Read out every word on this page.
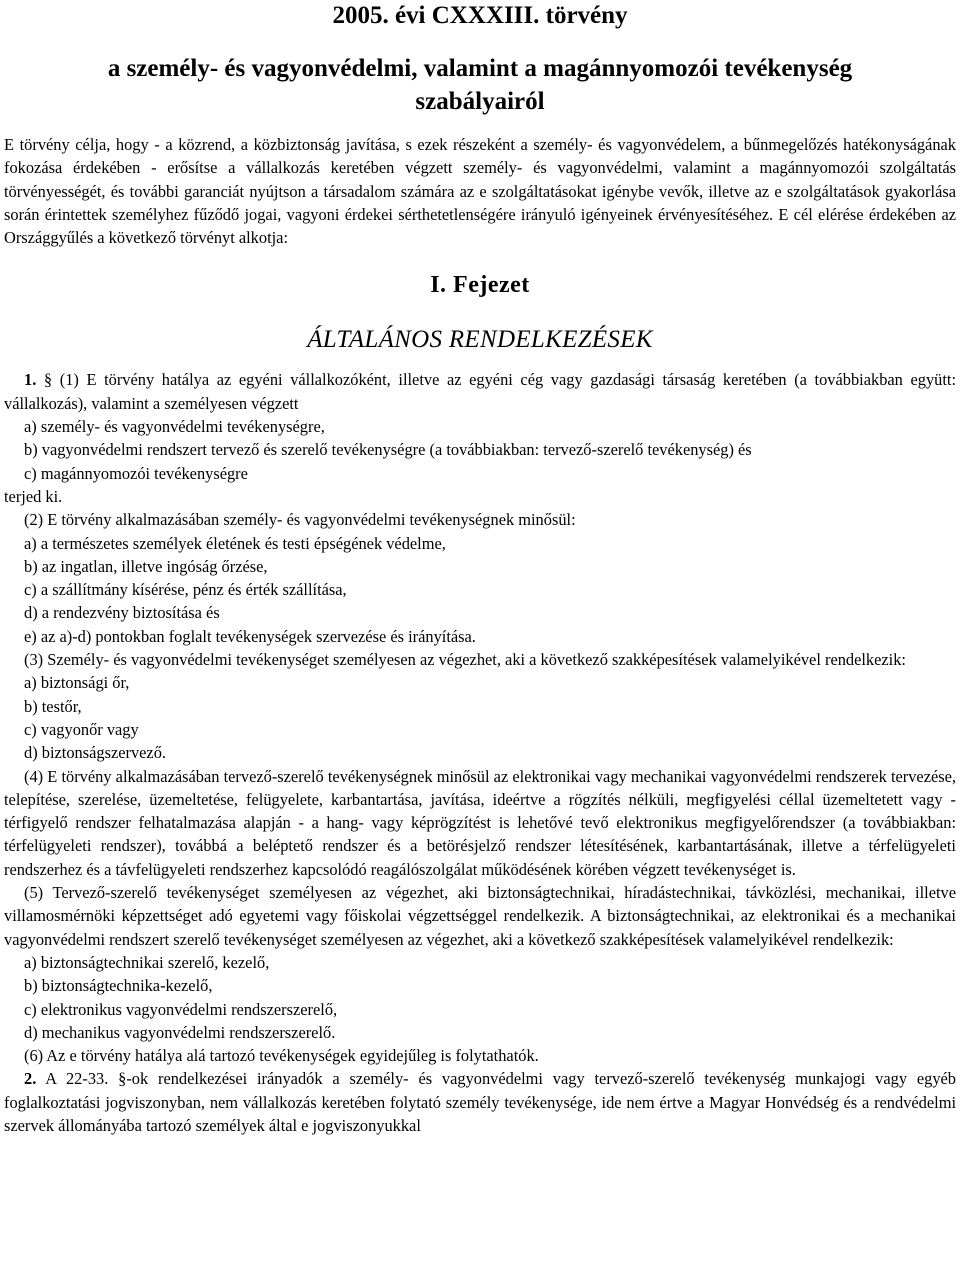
2005. évi CXXXIII. törvény
a személy- és vagyonvédelmi, valamint a magánnyomozói tevékenység szabályairól

E törvény célja, hogy - a közrend, a közbiztonság javítása, s ezek részeként a személy- és vagyonvédelem, a bűnmegelőzés hatékonyságának fokozása érdekében - erősítse a vállalkozás keretében végzett személy- és vagyonvédelmi, valamint a magánnyomozói szolgáltatás törvényességét, és további garanciát nyújtson a társadalom számára az e szolgáltatásokat igénybe vevők, illetve az e szolgáltatások gyakorlása során érintettek személyhez fűződő jogai, vagyoni érdekei sérthetetlenségére irányuló igényeinek érvényesítéséhez. E cél elérése érdekében az Országgyűlés a következő törvényt alkotja:

I. Fejezet
ÁLTALÁNOS RENDELKEZÉSEK

1. § (1) E törvény hatálya az egyéni vállalkozóként, illetve az egyéni cég vagy gazdasági társaság keretében (a továbbiakban együtt: vállalkozás), valamint a személyesen végzett

a) személy- és vagyonvédelmi tevékenységre,

b) vagyonvédelmi rendszert tervező és szerelő tevékenységre (a továbbiakban: tervező-szerelő tevékenység) és

c) magánnyomozói tevékenységre

terjed ki.

(2) E törvény alkalmazásában személy- és vagyonvédelmi tevékenységnek minősül:

a) a természetes személyek életének és testi épségének védelme,

b) az ingatlan, illetve ingóság őrzése,

c) a szállítmány kísérése, pénz és érték szállítása,

d) a rendezvény biztosítása és

e) az a)-d) pontokban foglalt tevékenységek szervezése és irányítása.

(3) Személy- és vagyonvédelmi tevékenységet személyesen az végezhet, aki a következő szakképesítések valamelyikével rendelkezik:

a) biztonsági őr,

b) testőr,

c) vagyonőr vagy

d) biztonságszervező.

(4) E törvény alkalmazásában tervező-szerelő tevékenységnek minősül az elektronikai vagy mechanikai vagyonvédelmi rendszerek tervezése, telepítése, szerelése, üzemeltetése, felügyelete, karbantartása, javítása, ideértve a rögzítés nélküli, megfigyelési céllal üzemeltetett vagy - térfigyelő rendszer felhatalmazása alapján - a hang- vagy képrögzítést is lehetővé tevő elektronikus megfigyelőrendszer (a továbbiakban: térfelügyeleti rendszer), továbbá a beléptető rendszer és a betörésjelző rendszer létesítésének, karbantartásának, illetve a térfelügyeleti rendszerhez és a távfelügyeleti rendszerhez kapcsolódó reagálószolgálat működésének körében végzett tevékenységet is.

(5) Tervező-szerelő tevékenységet személyesen az végezhet, aki biztonságtechnikai, híradástechnikai, távközlési, mechanikai, illetve villamosmérnöki képzettséget adó egyetemi vagy főiskolai végzettséggel rendelkezik. A biztonságtechnikai, az elektronikai és a mechanikai vagyonvédelmi rendszert szerelő tevékenységet személyesen az végezhet, aki a következő szakképesítések valamelyikével rendelkezik:

a) biztonságtechnikai szerelő, kezelő,

b) biztonságtechnika-kezelő,

c) elektronikus vagyonvédelmi rendszerszerelő,

d) mechanikus vagyonvédelmi rendszerszerelő.

(6) Az e törvény hatálya alá tartozó tevékenységek egyidejűleg is folytathatók.

2. A 22-33. §-ok rendelkezései irányadók a személy- és vagyonvédelmi vagy tervező-szerelő tevékenység munkajogi vagy egyéb foglalkoztatási jogviszonyban, nem vállalkozás keretében folytató személy tevékenysége, ide nem értve a Magyar Honvédség és a rendvédelmi szervek állományába tartozó személyek által e jogviszonyukkal
